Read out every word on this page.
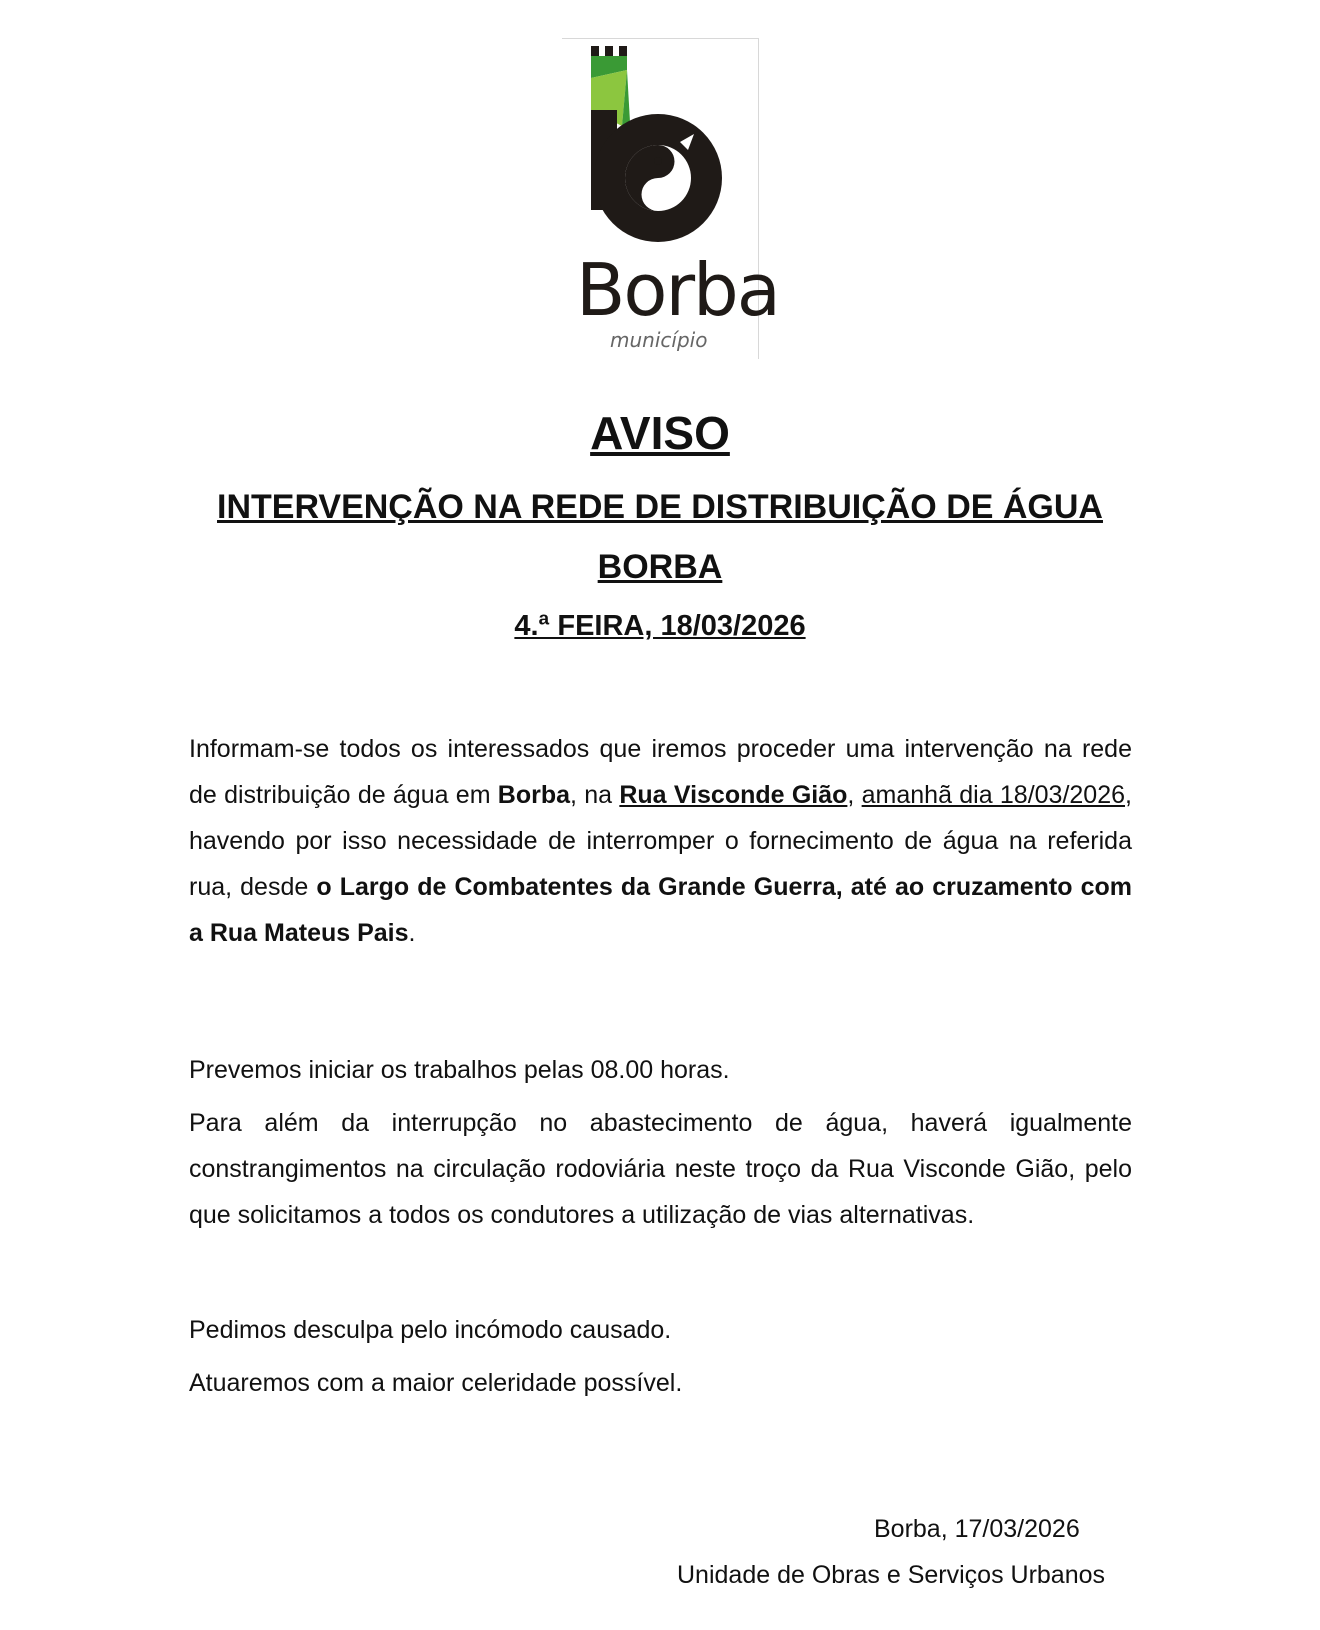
Borba
município
AVISO
INTERVENÇÃO NA REDE DE DISTRIBUIÇÃO DE ÁGUA
BORBA
4.ª FEIRA, 18/03/2026

Informam-se todos os interessados que iremos proceder uma intervenção na rede de distribuição de água em Borba, na Rua Visconde Gião, amanhã dia 18/03/2026, havendo por isso necessidade de interromper o fornecimento de água na referida rua, desde o Largo de Combatentes da Grande Guerra, até ao cruzamento com a Rua Mateus Pais.

Prevemos iniciar os trabalhos pelas 08.00 horas.

Para além da interrupção no abastecimento de água, haverá igualmente constrangimentos na circulação rodoviária neste troço da Rua Visconde Gião, pelo que solicitamos a todos os condutores a utilização de vias alternativas.

Pedimos desculpa pelo incómodo causado.

Atuaremos com a maior celeridade possível.

Borba, 17/03/2026

Unidade de Obras e Serviços Urbanos
